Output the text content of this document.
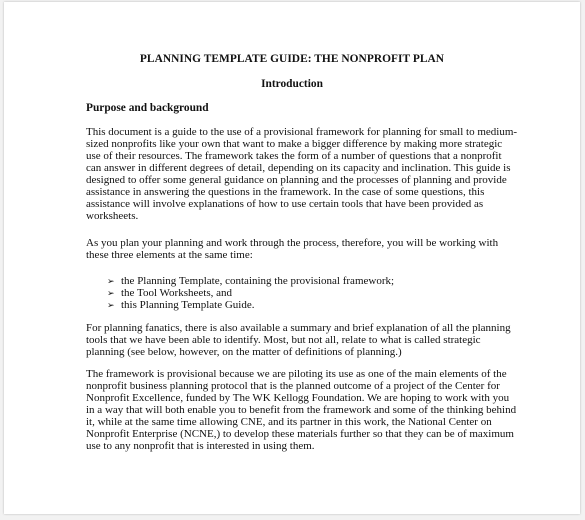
PLANNING TEMPLATE GUIDE: THE NONPROFIT PLAN
Introduction
Purpose and background
This document is a guide to the use of a provisional framework for planning for small to medium-
sized nonprofits like your own that want to make a bigger difference by making more strategic
use of their resources. The framework takes the form of a number of questions that a nonprofit
can answer in different degrees of detail, depending on its capacity and inclination. This guide is
designed to offer some general guidance on planning and the processes of planning and provide
assistance in answering the questions in the framework. In the case of some questions, this
assistance will involve explanations of how to use certain tools that have been provided as
worksheets.
As you plan your planning and work through the process, therefore, you will be working with
these three elements at the same time:
➢ the Planning Template, containing the provisional framework;
➢ the Tool Worksheets, and
➢ this Planning Template Guide.
For planning fanatics, there is also available a summary and brief explanation of all the planning
tools that we have been able to identify. Most, but not all, relate to what is called strategic
planning (see below, however, on the matter of definitions of planning.)
The framework is provisional because we are piloting its use as one of the main elements of the
nonprofit business planning protocol that is the planned outcome of a project of the Center for
Nonprofit Excellence, funded by The WK Kellogg Foundation. We are hoping to work with you
in a way that will both enable you to benefit from the framework and some of the thinking behind
it, while at the same time allowing CNE, and its partner in this work, the National Center on
Nonprofit Enterprise (NCNE,) to develop these materials further so that they can be of maximum
use to any nonprofit that is interested in using them.
